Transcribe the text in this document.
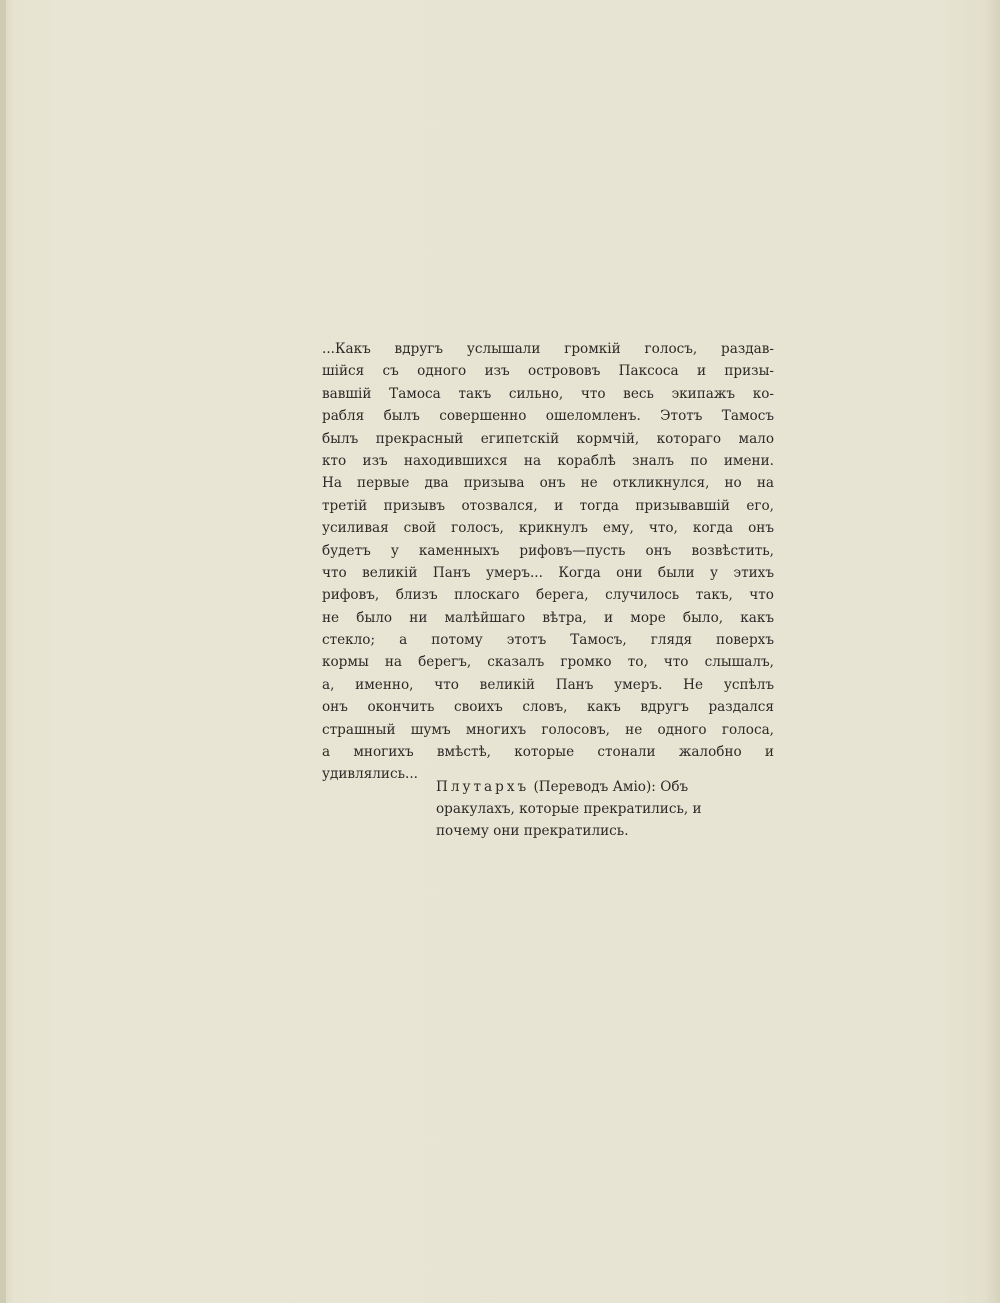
...Какъ вдругъ услышали громкій голосъ, раздав-
шійся съ одного изъ острововъ Паксоса и призы-
вавшій Тамоса такъ сильно, что весь экипажъ ко-
рабля былъ совершенно ошеломленъ. Этотъ Тамосъ
былъ прекрасный египетскій кормчій, котораго мало
кто изъ находившихся на кораблѣ зналъ по имени.
На первые два призыва онъ не откликнулся, но на
третій призывъ отозвался, и тогда призывавшій его,
усиливая свой голосъ, крикнулъ ему, что, когда онъ
будетъ у каменныхъ рифовъ—пусть онъ возвѣстить,
что великій Панъ умеръ... Когда они были у этихъ
рифовъ, близъ плоскаго берега, случилось такъ, что
не было ни малѣйшаго вѣтра, и море было, какъ
стекло; а потому этотъ Тамосъ, глядя поверхъ
кормы на берегъ, сказалъ громко то, что слышалъ,
а, именно, что великій Панъ умеръ. Не успѣлъ
онъ окончить своихъ словъ, какъ вдругъ раздался
страшный шумъ многихъ голосовъ, не одного голоса,
а многихъ вмѣстѣ, которые стонали жалобно и
удивлялись...
Плутархъ (Переводъ Аміо): Объ
оракулахъ, которые прекратились, и
почему они прекратились.
